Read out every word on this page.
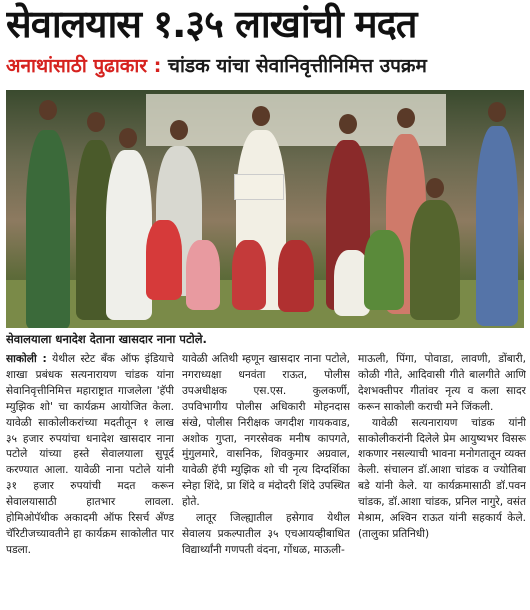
सेवालयास १.३५ लाखांची मदत
अनाथांसाठी पुढाकार : चांडक यांचा सेवानिवृत्तीनिमित्त उपक्रम
सेवालयाला धनादेश देताना खासदार नाना पटोले.

साकोली : येथील स्टेट बँक ऑफ इंडियाचे शाखा प्रबंधक सत्यनारायण चांडक यांना सेवानिवृत्तीनिमित्त महाराष्ट्रात गाजलेला 'हॅपी म्युझिक शो' चा कार्यक्रम आयोजित केला. यावेळी साकोलीकरांच्या मदतीतून १ लाख ३५ हजार रुपयांचा धनादेश खासदार नाना पटोले यांच्या हस्ते सेवालयाला सुपूर्द करण्यात आला. यावेळी नाना पटोले यांनी ३१ हजार रुपयांची मदत करून सेवालयासाठी हातभार लावला. होमिओपॅथीक अकादमी ऑफ रिसर्च अँण्ड चॅरिटीजच्यावतीने हा कार्यक्रम साकोलीत पार पडला.

यावेळी अतिथी म्हणून खासदार नाना पटोले, नगराध्यक्षा धनवंता राऊत, पोलीस उपअधीक्षक एस.एस. कुलकर्णी, उपविभागीय पोलीस अधिकारी मोहनदास संखे, पोलीस निरीक्षक जगदीश गायकवाड, अशोक गुप्ता, नगरसेवक मनीष कापगते, मुंगुलमारे, वासनिक, शिवकुमार अग्रवाल, यावेळी हॅपी म्युझिक शो ची नृत्य दिग्दर्शिका स्नेहा शिंदे, प्रा शिंदे व मंदोदरी शिंदे उपस्थित होते.

लातूर जिल्ह्यातील हसेगाव येथील सेवालय प्रकल्पातील ३५ एचआयव्हीबाधित विद्यार्थ्यांनी गणपती वंदना, गोंधळ, माऊली-

माऊली, पिंगा, पोवाडा, लावणी, डोंबारी, कोळी गीते, आदिवासी गीते बालगीते आणि देशभक्तीपर गीतांवर नृत्य व कला सादर करून साकोली कराची मने जिंकली.

यावेळी सत्यनारायण चांडक यांनी साकोलीकरांनी दिलेले प्रेम आयुष्यभर विसरू शकणार नसल्याची भावना मनोगतातून व्यक्त केली. संचालन डॉ.आशा चांडक व ज्योतिबा बडे यांनी केले. या कार्यक्रमासाठी डॉ.पवन चांडक, डॉ.आशा चांडक, प्रनिल नागुरे, वसंत मेश्राम, अश्विन राऊत यांनी सहकार्य केले. (तालुका प्रतिनिधी)
